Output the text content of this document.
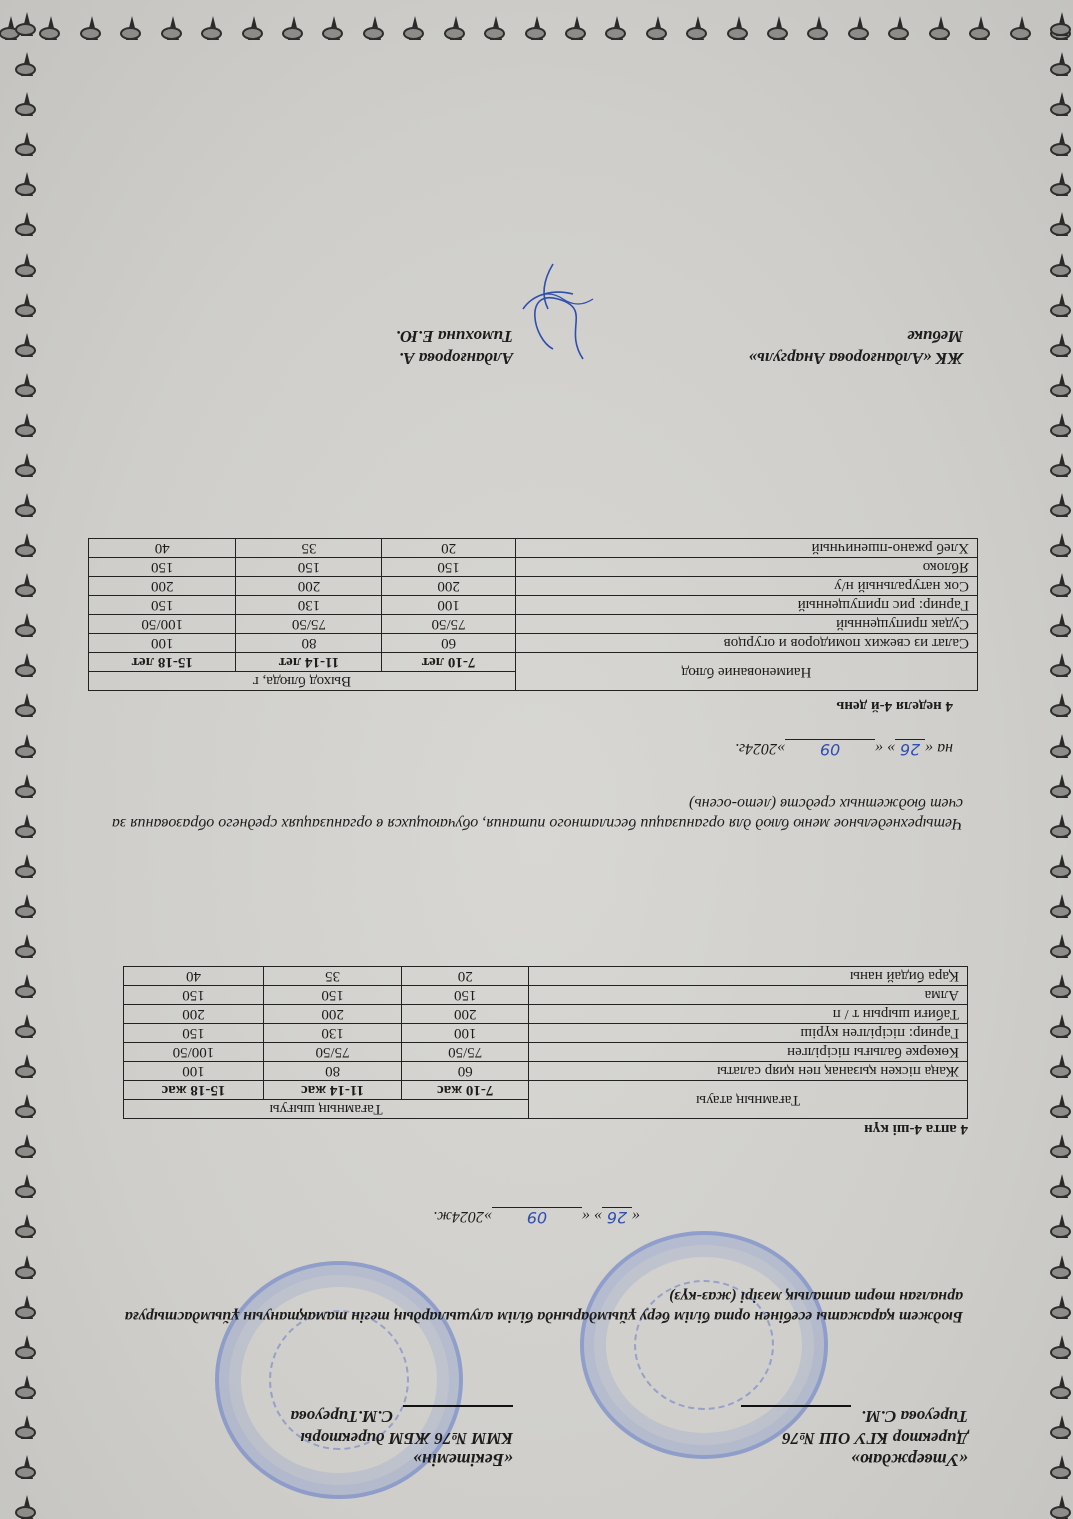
«Утверждаю»
Директор КГУ ОШ №76
Тирeуова С.М.
«Бекітемін»
КММ №76 ЖБМ директоры
С.М.Тиреуова
Бюджет қаражаты есебінен орта білім беру ұйымдарында білім алушылардың тегін тамақтануын ұйымдастыруға арналған төрт апталық мәзірі (жаз-күз)
«26» «09»2024ж.
4 апта 4-ші күн
Тағамның атауы	Тағамның шығуы		
	7-10 жас	11-14 жас	15-18 жас
Жаңа піскен қызанақ пен қияр салаты	60	80	100
Көкөрке балығы пісірілген	75/50	75/50	100/50
Гарнир: пісірілген күріш	100	130	150
Табиғи шырын т / п	200	200	200
Алма	150	150	150
Қара бидай наны	20	35	40
Четырехнедельное меню блюд для организации бесплатного питания, обучающихся в организациях среднего образования за счет бюджетных средств (лето-осень)
на «26» «09»2024г.
4 неделя 4-й день
Наименование блюд	Выход блюда, г		
	7-10 лет	11-14 лет	15-18 лет
Салат из свежих помидоров и огурцов	60	80	100
Судак припущенный	75/50	75/50	100/50
Гарнир: рис припущенный	100	130	150
Сок натуральный н/у	200	200	200
Яблоко	150	150	150
Хлеб ржано-пшеничный	20	35	40
ЖК «Алданғорова Анаргуль»
Мебике
Алданғорова А.
Тимохина Е.Ю.
